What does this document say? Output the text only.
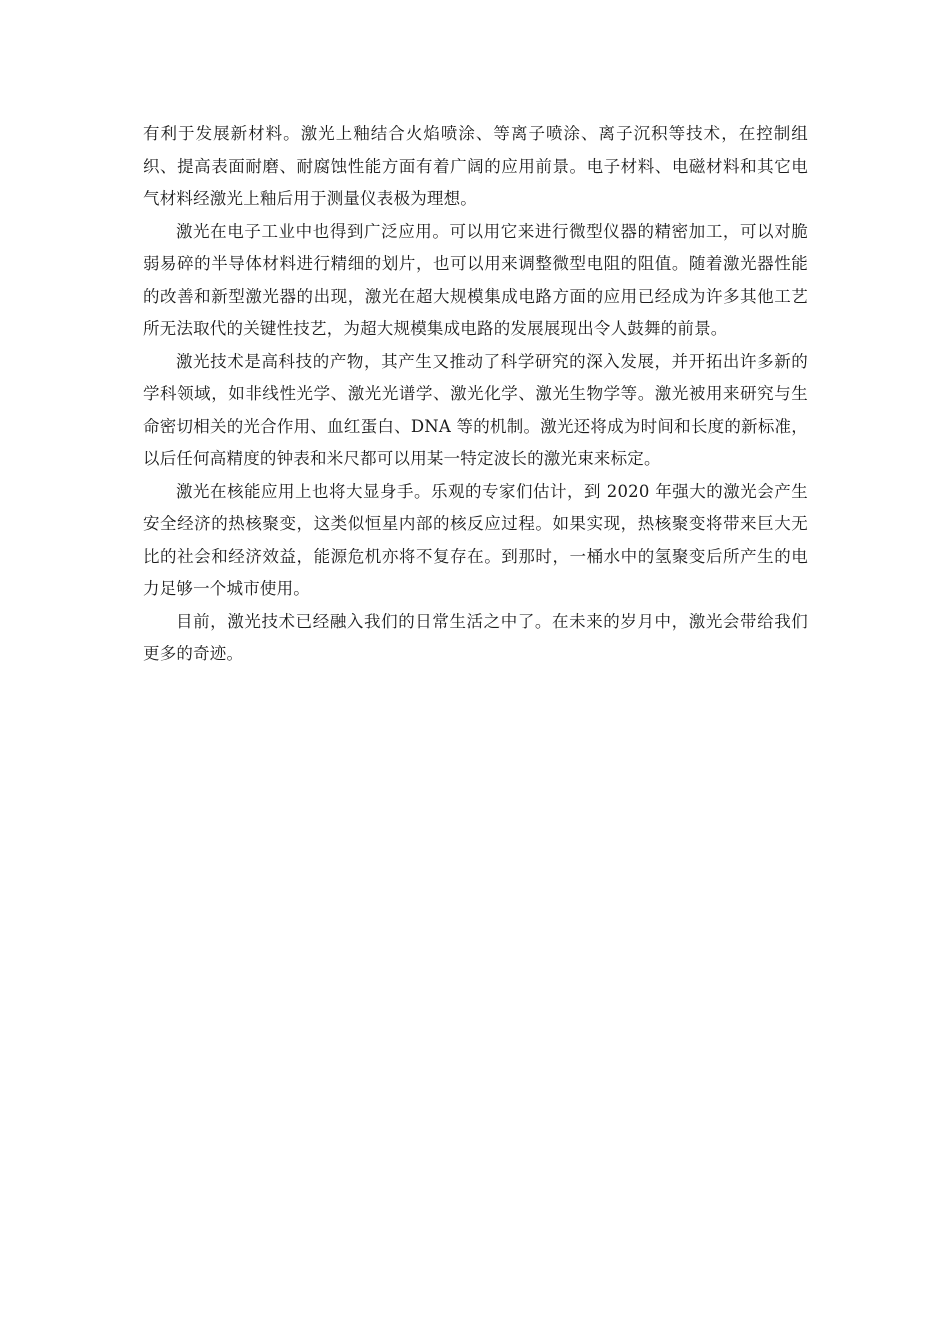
有利于发展新材料。激光上釉结合火焰喷涂、等离子喷涂、离子沉积等技术，在控制组织、提高表面耐磨、耐腐蚀性能方面有着广阔的应用前景。电子材料、电磁材料和其它电气材料经激光上釉后用于测量仪表极为理想。

激光在电子工业中也得到广泛应用。可以用它来进行微型仪器的精密加工，可以对脆弱易碎的半导体材料进行精细的划片，也可以用来调整微型电阻的阻值。随着激光器性能的改善和新型激光器的出现，激光在超大规模集成电路方面的应用已经成为许多其他工艺所无法取代的关键性技艺，为超大规模集成电路的发展展现出令人鼓舞的前景。

激光技术是高科技的产物，其产生又推动了科学研究的深入发展，并开拓出许多新的学科领域，如非线性光学、激光光谱学、激光化学、激光生物学等。激光被用来研究与生命密切相关的光合作用、血红蛋白、DNA 等的机制。激光还将成为时间和长度的新标准，以后任何高精度的钟表和米尺都可以用某一特定波长的激光束来标定。

激光在核能应用上也将大显身手。乐观的专家们估计，到 2020 年强大的激光会产生安全经济的热核聚变，这类似恒星内部的核反应过程。如果实现，热核聚变将带来巨大无比的社会和经济效益，能源危机亦将不复存在。到那时，一桶水中的氢聚变后所产生的电力足够一个城市使用。

目前，激光技术已经融入我们的日常生活之中了。在未来的岁月中，激光会带给我们更多的奇迹。
